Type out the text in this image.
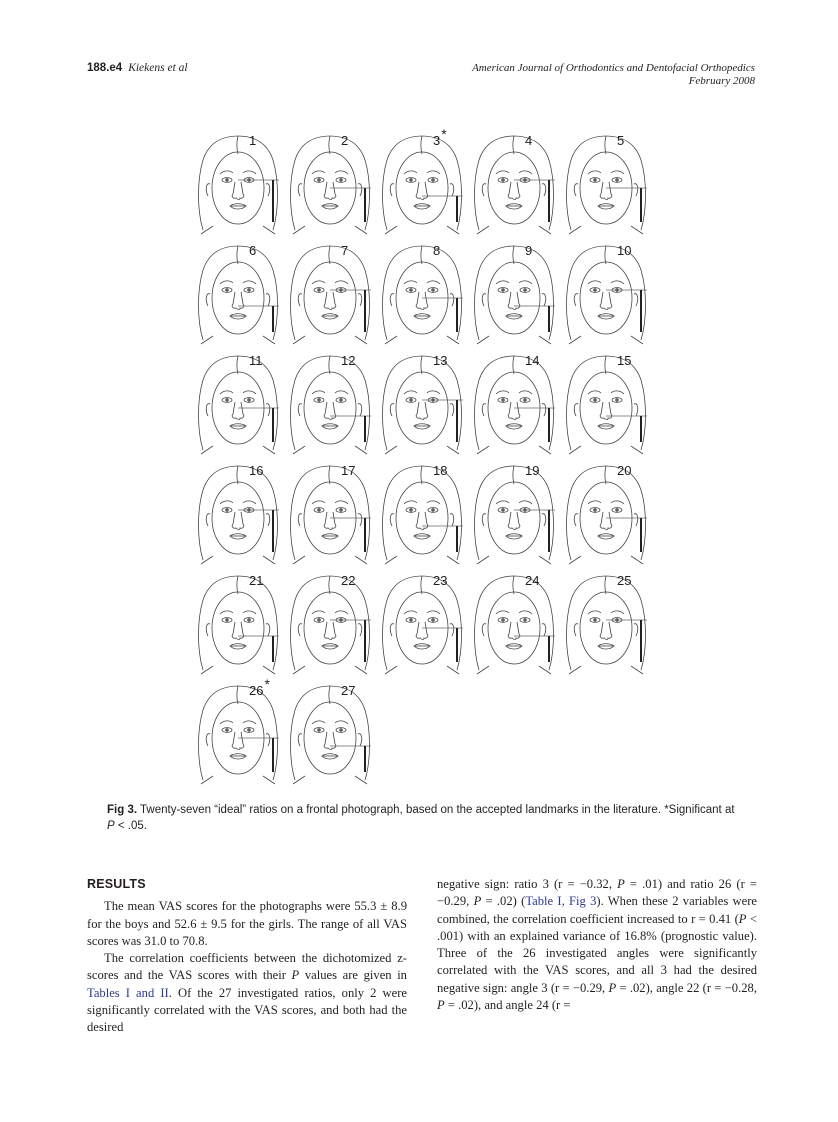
188.e4 Kiekens et al	American Journal of Orthodontics and Dentofacial Orthopedics
February 2008
1	2	3*	4	5
6	7	8	9	10
11	12	13	14	15
16	17	18	19	20
21	22	23	24	25
26*	27
Fig 3. Twenty-seven “ideal” ratios on a frontal photograph, based on the accepted landmarks in the literature. *Significant at P < .05.
RESULTS

The mean VAS scores for the photographs were 55.3 ± 8.9 for the boys and 52.6 ± 9.5 for the girls. The range of all VAS scores was 31.0 to 70.8.

The correlation coefficients between the dichotomized z-scores and the VAS scores with their P values are given in Tables I and II. Of the 27 investigated ratios, only 2 were significantly correlated with the VAS scores, and both had the desired

negative sign: ratio 3 (r = −0.32, P = .01) and ratio 26 (r = −0.29, P = .02) (Table I, Fig 3). When these 2 variables were combined, the correlation coefficient increased to r = 0.41 (P < .001) with an explained variance of 16.8% (prognostic value). Three of the 26 investigated angles were significantly correlated with the VAS scores, and all 3 had the desired negative sign: angle 3 (r = −0.29, P = .02), angle 22 (r = −0.28, P = .02), and angle 24 (r =
